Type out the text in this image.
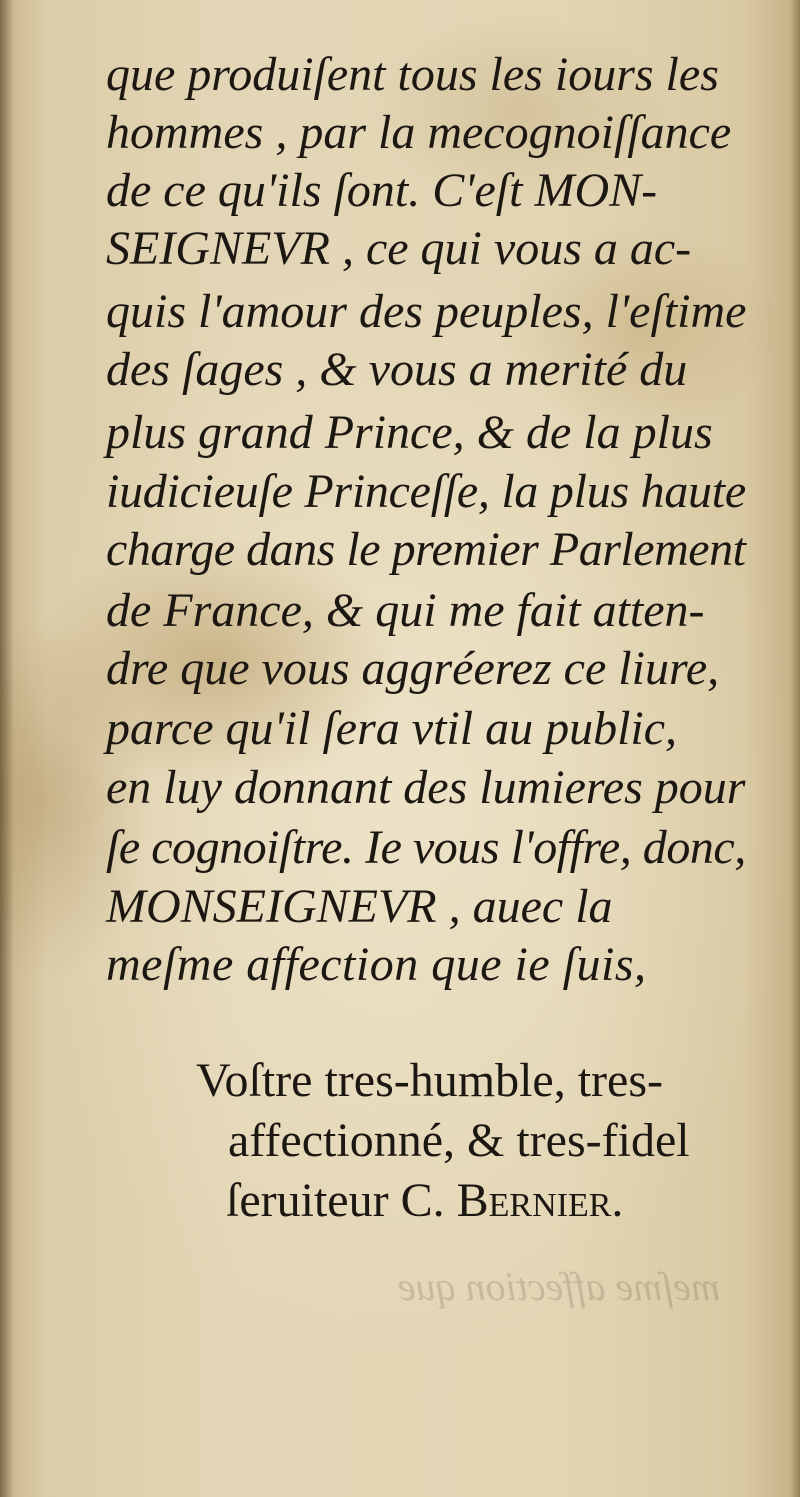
que produiſent tous les iours les
hommes , par la mecognoiſſance
de ce qu'ils ſont. C'eſt MON-
SEIGNEVR , ce qui vous a ac-
quis l'amour des peuples, l'eſtime
des ſages , & vous a merité du
plus grand Prince, & de la plus
iudicieuſe Princeſſe, la plus haute
charge dans le premier Parlement
de France, & qui me fait atten-
dre que vous aggréerez ce liure,
parce qu'il ſera vtil au public,
en luy donnant des lumieres pour
ſe cognoiſtre. Ie vous l'offre, donc,
MONSEIGNEVR , auec la
meſme affection que ie ſuis,
Voſtre tres-humble, tres-
affectionné, & tres-fidel
ſeruiteur C. Bernier.
meſme affection que
